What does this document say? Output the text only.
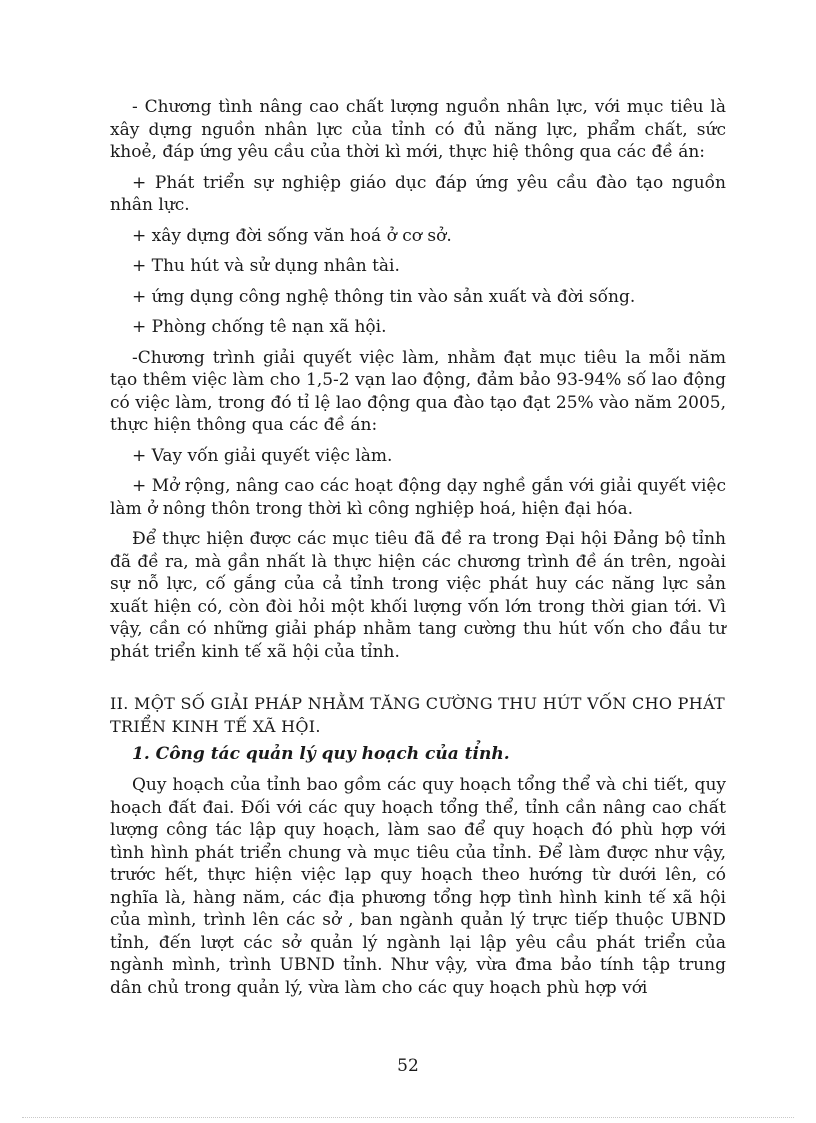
- Chương tình nâng cao chất lượng nguồn nhân lực, với mục tiêu là xây dựng nguồn nhân lực của tỉnh có đủ năng lực, phẩm chất, sức khoẻ, đáp ứng yêu cầu của thời kì mới, thực hiệ thông qua các đề án:

+ Phát triển sự nghiệp giáo dục đáp ứng yêu cầu đào tạo nguồn nhân lực.

+ xây dựng đời sống văn hoá ở cơ sở.

+ Thu hút và sử dụng nhân tài.

+ ứng dụng công nghệ thông tin vào sản xuất và đời sống.

+ Phòng chống tê nạn xã hội.

-Chương trình giải quyết việc làm, nhằm đạt mục tiêu la mỗi năm tạo thêm việc làm cho 1,5-2 vạn lao động, đảm bảo 93-94% số lao động có việc làm, trong đó tỉ lệ lao động qua đào tạo đạt 25% vào năm 2005, thực hiện thông qua các đề án:

+ Vay vốn giải quyết việc làm.

+ Mở rộng, nâng cao các hoạt động dạy nghề gắn với giải quyết việc làm ở nông thôn trong thời kì công nghiệp hoá, hiện đại hóa.

Để thực hiện được các mục tiêu đã đề ra trong Đại hội Đảng bộ tỉnh đã đề ra, mà gần nhất là thực hiện các chương trình đề án trên, ngoài sự nỗ lực, cố gắng của cả tỉnh trong việc phát huy các năng lực sản xuất hiện có, còn đòi hỏi một khối lượng vốn lớn trong thời gian tới. Vì vậy, cần có những giải pháp nhằm tang cường thu hút vốn cho đầu tư phát triển kinh tế xã hội của tỉnh.

II. MỘT SỐ GIẢI PHÁP NHẰM TĂNG CƯỜNG THU HÚT VỐN CHO PHÁT TRIỂN KINH TẾ XÃ HỘI.
1. Công tác quản lý quy hoạch của tỉnh.

Quy hoạch của tỉnh bao gồm các quy hoạch tổng thể và chi tiết, quy hoạch đất đai. Đối với các quy hoạch tổng thể, tỉnh cần nâng cao chất lượng công tác lập quy hoạch, làm sao để quy hoạch đó phù hợp với tình hình phát triển chung và mục tiêu của tỉnh. Để làm được như vậy, trước hết, thực hiện việc lạp quy hoạch theo hướng từ dưới lên, có nghĩa là, hàng năm, các địa phương tổng hợp tình hình kinh tế xã hội của mình, trình lên các sở , ban ngành quản lý trực tiếp thuộc UBND tỉnh, đến lượt các sở quản lý ngành lại lập yêu cầu phát triển của ngành mình, trình UBND tỉnh. Như vậy, vừa đma bảo tính tập trung dân chủ trong quản lý, vừa làm cho các quy hoạch phù hợp với

52
